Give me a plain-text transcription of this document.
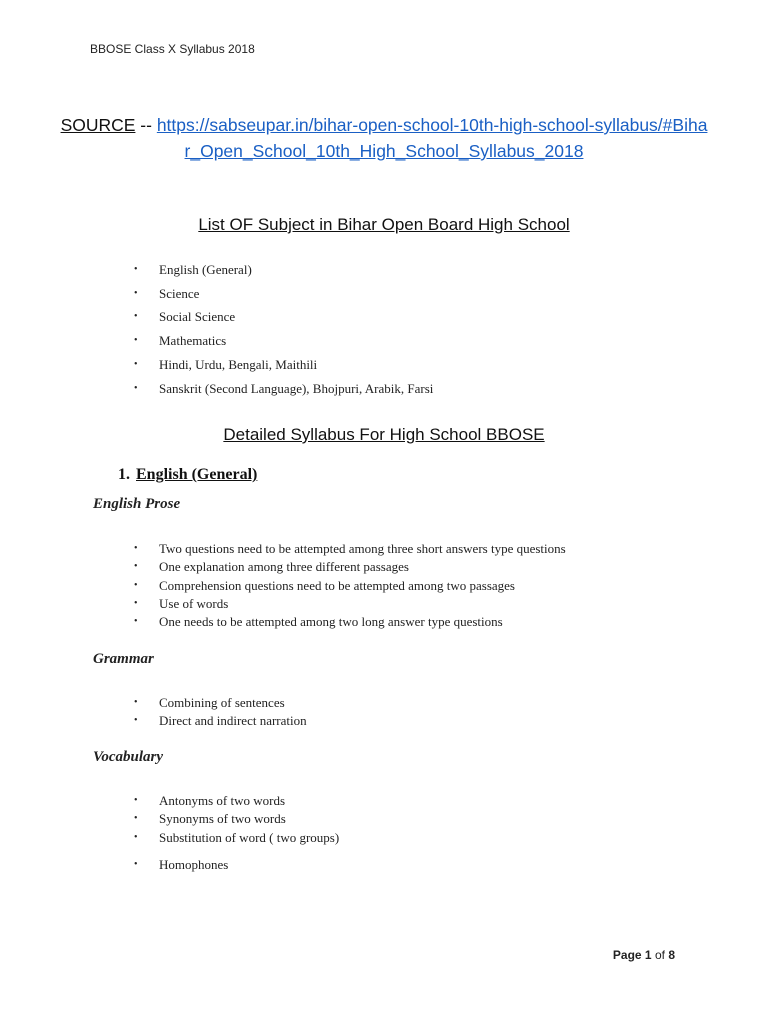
BBOSE Class X Syllabus 2018
SOURCE -- https://sabseupar.in/bihar-open-school-10th-high-school-syllabus/#Bihar_Open_School_10th_High_School_Syllabus_2018
List OF Subject in Bihar Open Board High School
• English (General)
• Science
• Social Science
• Mathematics
• Hindi, Urdu, Bengali, Maithili
• Sanskrit (Second Language), Bhojpuri, Arabik, Farsi
Detailed Syllabus For High School BBOSE
1. English (General)
English Prose
• Two questions need to be attempted among three short answers type questions
• One explanation among three different passages
• Comprehension questions need to be attempted among two passages
• Use of words
• One needs to be attempted among two long answer type questions
Grammar
• Combining of sentences
• Direct and indirect narration
Vocabulary
• Antonyms of two words
• Synonyms of two words
• Substitution of word ( two groups)
• Homophones
Page 1 of 8
